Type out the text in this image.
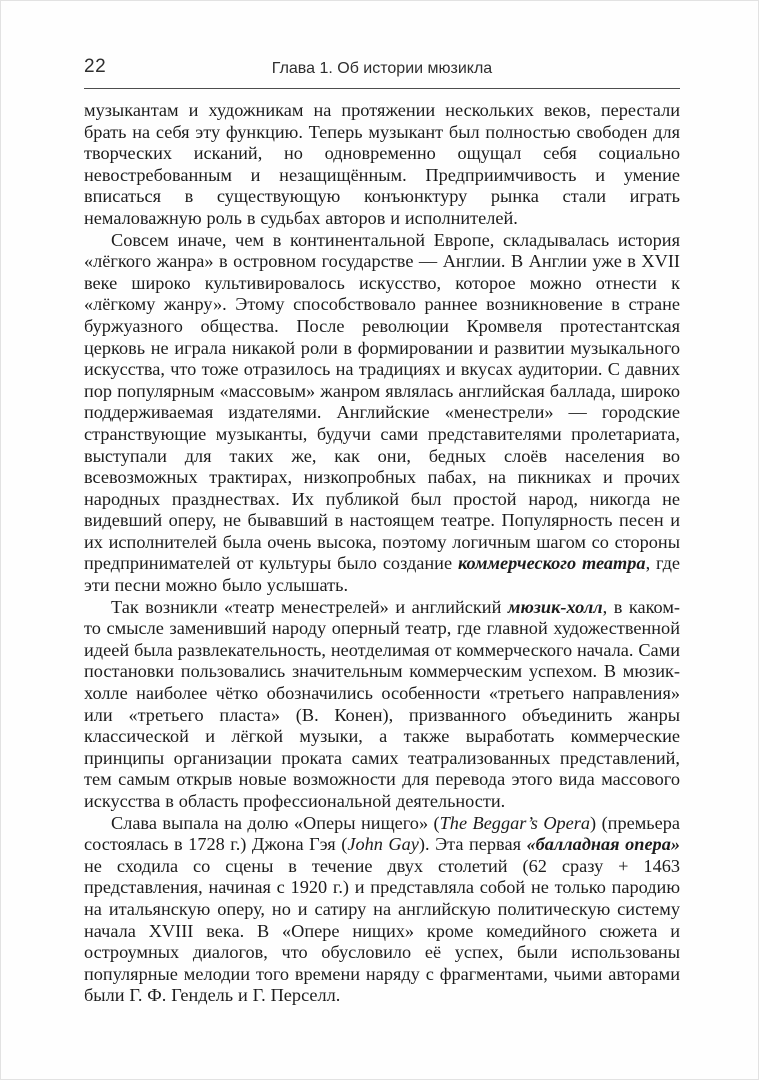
22	Глава 1. Об истории мюзикла

музыкантам и художникам на протяжении нескольких веков, перестали брать на себя эту функцию. Теперь музыкант был полностью свободен для творческих исканий, но одновременно ощущал себя социально невостребованным и незащищённым. Предприимчивость и умение вписаться в существующую конъюнктуру рынка стали играть немаловажную роль в судьбах авторов и исполнителей.

Совсем иначе, чем в континентальной Европе, складывалась история «лёгкого жанра» в островном государстве — Англии. В Англии уже в XVII веке широко культивировалось искусство, которое можно отнести к «лёгкому жанру». Этому способствовало раннее возникновение в стране буржуазного общества. После революции Кромвеля протестантская церковь не играла никакой роли в формировании и развитии музыкального искусства, что тоже отразилось на традициях и вкусах аудитории. С давних пор популярным «массовым» жанром являлась английская баллада, широко поддерживаемая издателями. Английские «менестрели» — городские странствующие музыканты, будучи сами представителями пролетариата, выступали для таких же, как они, бедных слоёв населения во всевозможных трактирах, низкопробных пабах, на пикниках и прочих народных празднествах. Их публикой был простой народ, никогда не видевший оперу, не бывавший в настоящем театре. Популярность песен и их исполнителей была очень высока, поэтому логичным шагом со стороны предпринимателей от культуры было создание коммерческого театра, где эти песни можно было услышать.

Так возникли «театр менестрелей» и английский мюзик-холл, в каком-то смысле заменивший народу оперный театр, где главной художественной идеей была развлекательность, неотделимая от коммерческого начала. Сами постановки пользовались значительным коммерческим успехом. В мюзик-холле наиболее чётко обозначились особенности «третьего направления» или «третьего пласта» (В. Конен), призванного объединить жанры классической и лёгкой музыки, а также выработать коммерческие принципы организации проката самих театрализованных представлений, тем самым открыв новые возможности для перевода этого вида массового искусства в область профессиональной деятельности.

Слава выпала на долю «Оперы нищего» (The Beggar’s Opera) (премьера состоялась в 1728 г.) Джона Гэя (John Gay). Эта первая «балладная опера» не сходила со сцены в течение двух столетий (62 сразу + 1463 представления, начиная с 1920 г.) и представляла собой не только пародию на итальянскую оперу, но и сатиру на английскую политическую систему начала XVIII века. В «Опере нищих» кроме комедийного сюжета и остроумных диалогов, что обусловило её успех, были использованы популярные мелодии того времени наряду с фрагментами, чьими авторами были Г. Ф. Гендель и Г. Перселл.
